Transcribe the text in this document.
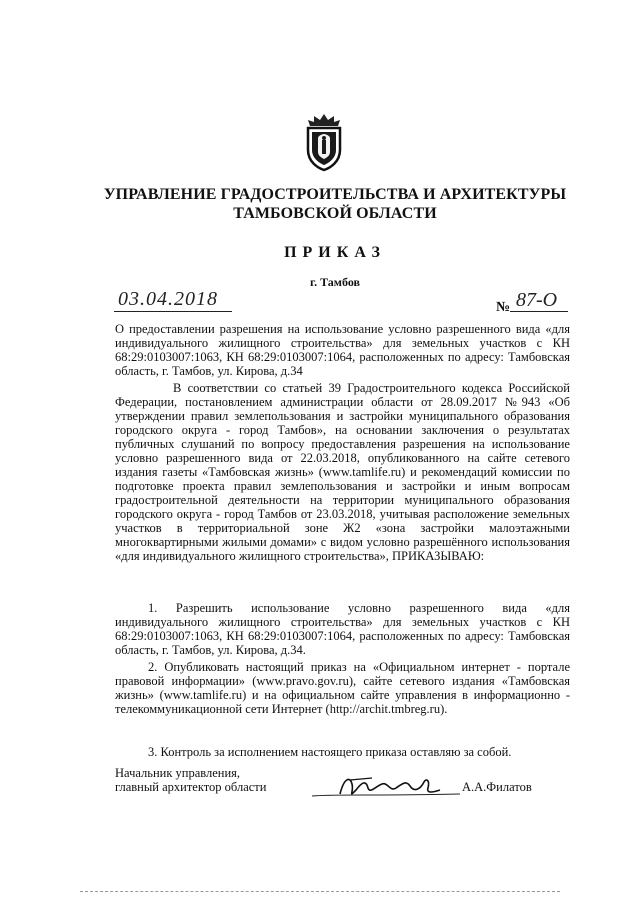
УПРАВЛЕНИЕ ГРАДОСТРОИТЕЛЬСТВА И АРХИТЕКТУРЫ
ТАМБОВСКОЙ ОБЛАСТИ
ПРИКАЗ
г. Тамбов
03.04.2018	№ 87-О
О предоставлении разрешения на использование условно разрешенного вида «для индивидуального жилищного строительства» для земельных участков с КН 68:29:0103007:1063, КН 68:29:0103007:1064, расположенных по адресу: Тамбовская область, г. Тамбов, ул. Кирова, д.34
В соответствии со статьей 39 Градостроительного кодекса Российской Федерации, постановлением администрации области от 28.09.2017 №943 «Об утверждении правил землепользования и застройки муниципального образования городского округа - город Тамбов», на основании заключения о результатах публичных слушаний по вопросу предоставления разрешения на использование условно разрешенного вида от 22.03.2018, опубликованного на сайте сетевого издания газеты «Тамбовская жизнь» (www.tamlife.ru) и рекомендаций комиссии по подготовке проекта правил землепользования и застройки и иным вопросам градостроительной деятельности на территории муниципального образования городского округа - город Тамбов от 23.03.2018, учитывая расположение земельных участков в территориальной зоне Ж2 «зона застройки малоэтажными многоквартирными жилыми домами» с видом условно разрешённого использования «для индивидуального жилищного строительства», ПРИКАЗЫВАЮ:
1. Разрешить использование условно разрешенного вида «для индивидуального жилищного строительства» для земельных участков с КН 68:29:0103007:1063, КН 68:29:0103007:1064, расположенных по адресу: Тамбовская область, г. Тамбов, ул. Кирова, д.34.
2. Опубликовать настоящий приказ на «Официальном интернет - портале правовой информации» (www.pravo.gov.ru), сайте сетевого издания «Тамбовская жизнь» (www.tamlife.ru) и на официальном сайте управления в информационно - телекоммуникационной сети Интернет (http://archit.tmbreg.ru).
3. Контроль за исполнением настоящего приказа оставляю за собой.
Начальник управления,
главный архитектор области	А.А.Филатов
